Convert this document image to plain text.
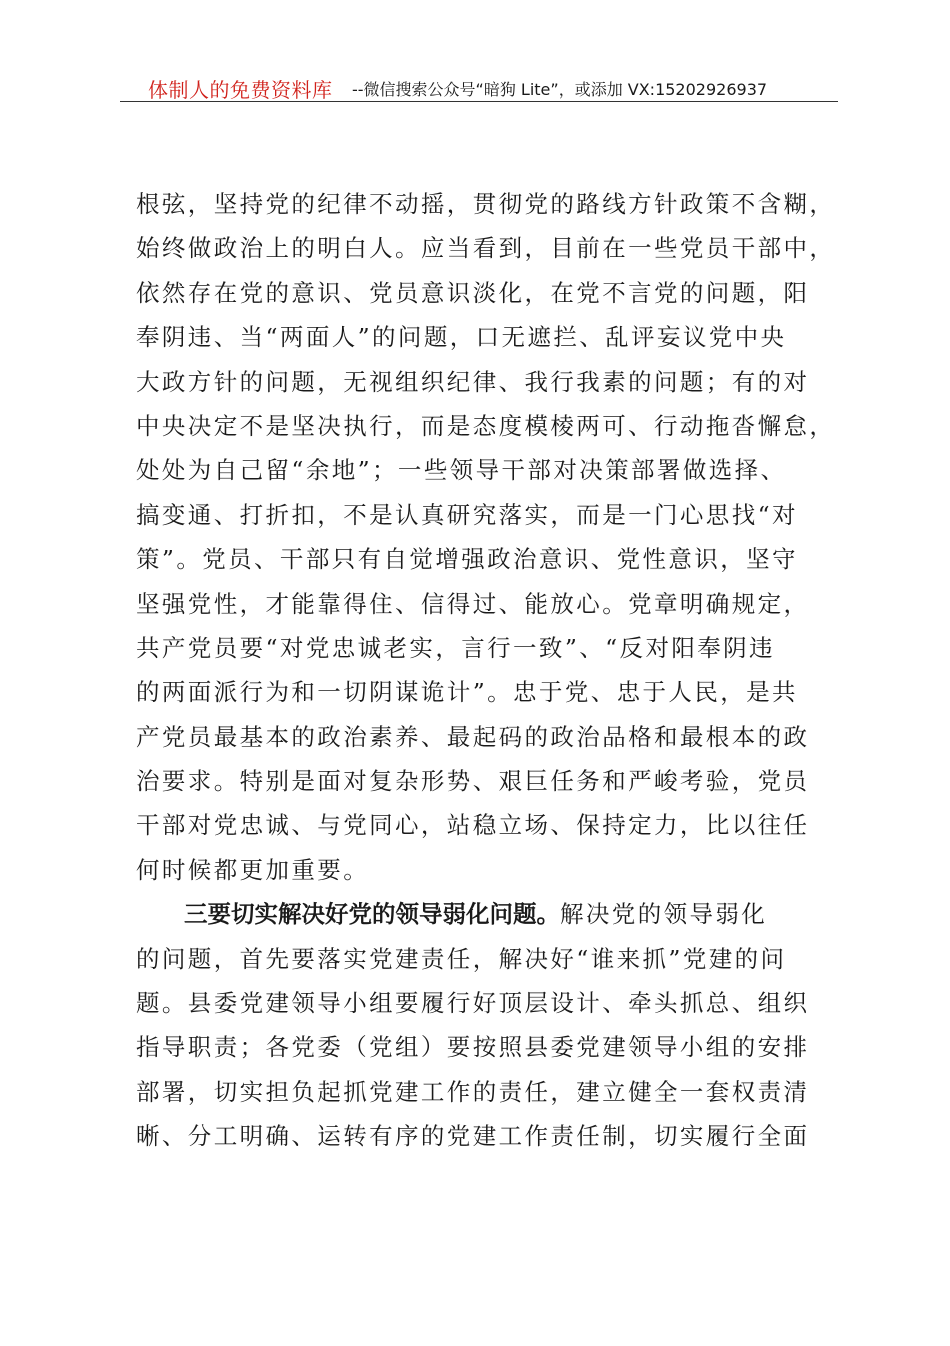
体制人的免费资料库 --微信搜索公众号“暗狗 Lite”，或添加 VX:15202926937
根弦，坚持党的纪律不动摇，贯彻党的路线方针政策不含糊，
始终做政治上的明白人。应当看到，目前在一些党员干部中，
依然存在党的意识、党员意识淡化，在党不言党的问题，阳
奉阴违、当“两面人”的问题，口无遮拦、乱评妄议党中央
大政方针的问题，无视组织纪律、我行我素的问题；有的对
中央决定不是坚决执行，而是态度模棱两可、行动拖沓懈怠，
处处为自己留“余地”；一些领导干部对决策部署做选择、
搞变通、打折扣，不是认真研究落实，而是一门心思找“对
策”。党员、干部只有自觉增强政治意识、党性意识，坚守
坚强党性，才能靠得住、信得过、能放心。党章明确规定，
共产党员要“对党忠诚老实，言行一致”、“反对阳奉阴违
的两面派行为和一切阴谋诡计”。忠于党、忠于人民，是共
产党员最基本的政治素养、最起码的政治品格和最根本的政
治要求。特别是面对复杂形势、艰巨任务和严峻考验，党员
干部对党忠诚、与党同心，站稳立场、保持定力，比以往任
何时候都更加重要。
三要切实解决好党的领导弱化问题。解决党的领导弱化
的问题，首先要落实党建责任，解决好“谁来抓”党建的问
题。县委党建领导小组要履行好顶层设计、牵头抓总、组织
指导职责；各党委（党组）要按照县委党建领导小组的安排
部署，切实担负起抓党建工作的责任，建立健全一套权责清
晰、分工明确、运转有序的党建工作责任制，切实履行全面
